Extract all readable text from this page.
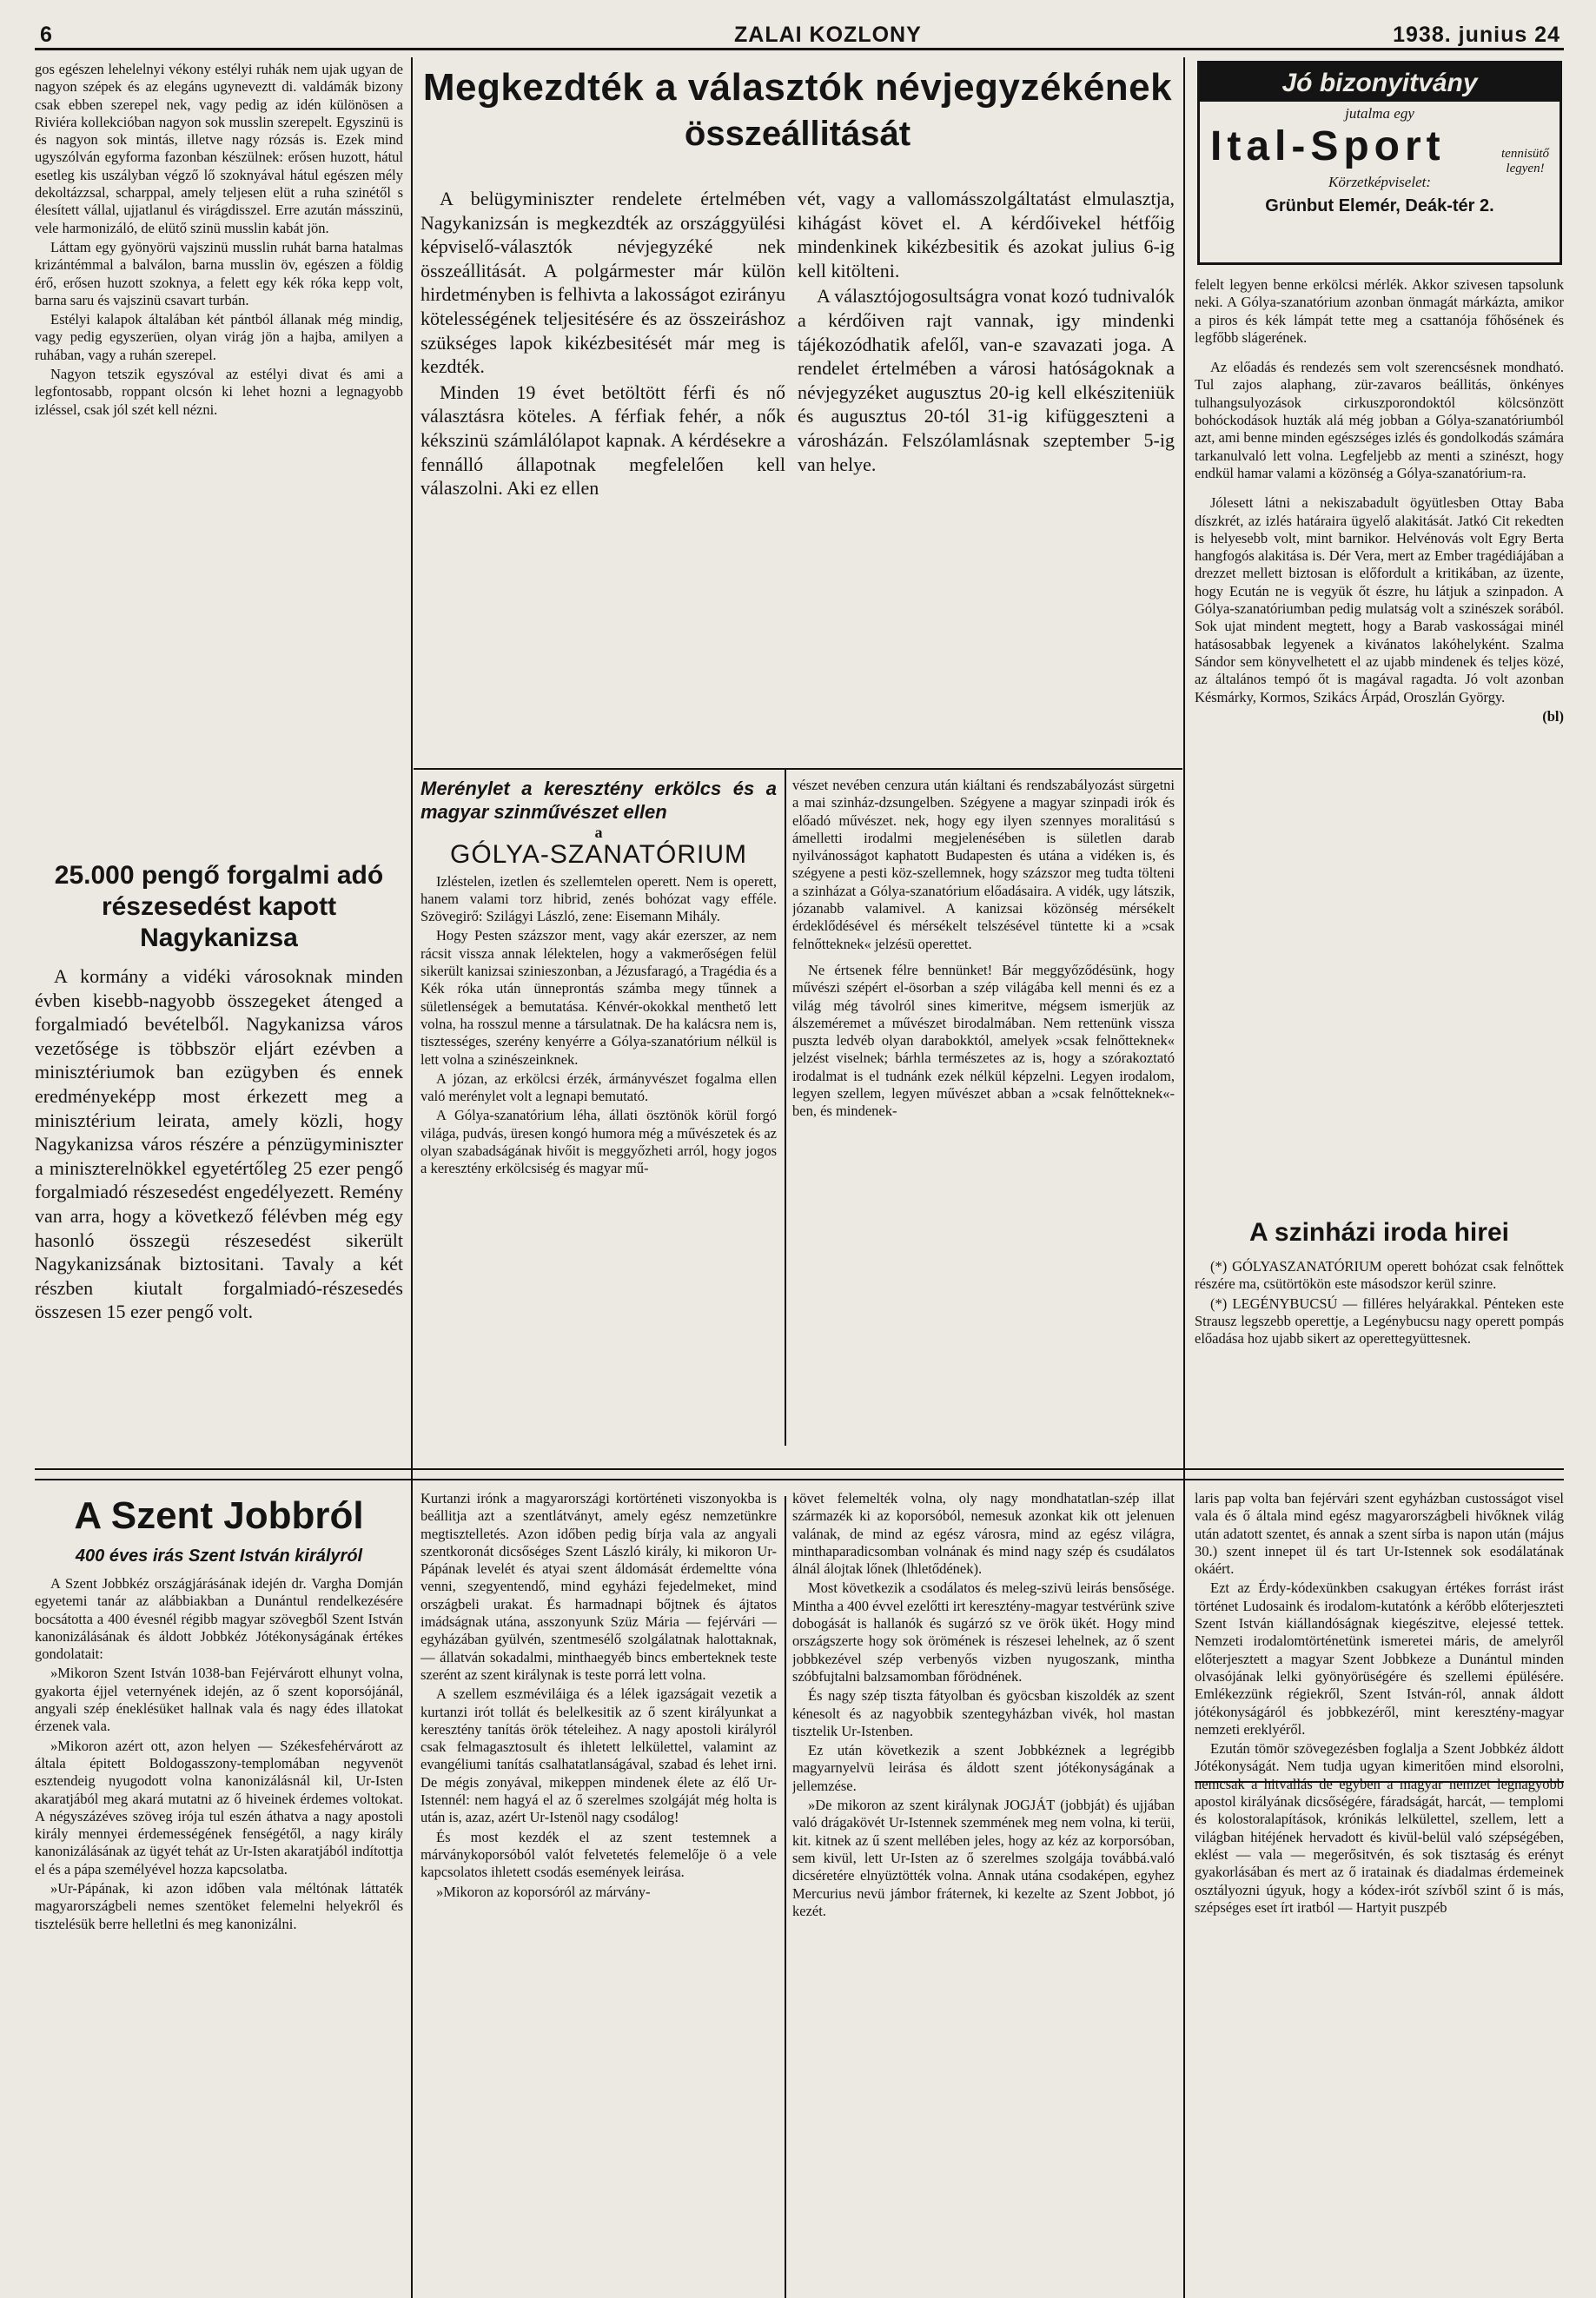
6	ZALAI KOZLONY	1938. junius 24

gos egészen lehelelnyi vékony estélyi ruhák nem ujak ugyan de nagyon szépek és az elegáns ugyneveztt di. valdámák bizony csak ebben szerepel nek, vagy pedig az idén különösen a Riviéra kollekcióban nagyon sok musslin szerepelt. Egyszinü is és nagyon sok mintás, illetve nagy rózsás is. Ezek mind ugyszólván egyforma fazonban készülnek: erősen huzott, hátul esetleg kis uszályban végző lő szoknyával hátul egészen mély dekoltázzsal, scharppal, amely teljesen elüt a ruha szinétől s élesített vállal, ujjatlanul és virágdisszel. Erre azután másszinü, vele harmonizáló, de elütő szinü musslin kabát jön.

Láttam egy gyönyörü vajszinü musslin ruhát barna hatalmas krizántémmal a balválon, barna musslin öv, egészen a földig érő, erősen huzott szoknya, a felett egy kék róka kepp volt, barna saru és vajszinü csavart turbán.

Estélyi kalapok általában két pántból állanak még mindig, vagy pedig egyszerüen, olyan virág jön a hajba, amilyen a ruhában, vagy a ruhán szerepel.

Nagyon tetszik egyszóval az estélyi divat és ami a legfontosabb, roppant olcsón ki lehet hozni a legnagyobb izléssel, csak jól szét kell nézni.

25.000 pengő forgalmi adó részesedést kapott Nagykanizsa

A kormány a vidéki városoknak minden évben kisebb-nagyobb összegeket átenged a forgalmiadó bevételből. Nagykanizsa város vezetősége is többször eljárt ezévben a minisztériumok ban ezügyben és ennek eredményeképp most érkezett meg a minisztérium leirata, amely közli, hogy Nagykanizsa város részére a pénzügyminiszter a miniszterelnökkel egyetértőleg 25 ezer pengő forgalmiadó részesedést engedélyezett. Remény van arra, hogy a következő félévben még egy hasonló összegü részesedést sikerült Nagykanizsának biztositani. Tavaly a két részben kiutalt forgalmiadó-részesedés összesen 15 ezer pengő volt.

Megkezdték a választók névjegyzékének
összeállitását

A belügyminiszter rendelete értelmében Nagykanizsán is megkezdték az országgyülési képviselő-választók névjegyzéké nek összeállitását. A polgármester már külön hirdetményben is felhivta a lakosságot ezirányu kötelességének teljesitésére és az összeiráshoz szükséges lapok kikézbesitését már meg is kezdték.

Minden 19 évet betöltött férfi és nő választásra köteles. A férfiak fehér, a nők kékszinü számlálólapot kapnak. A kérdésekre a fennálló állapotnak megfelelően kell válaszolni. Aki ez ellen

vét, vagy a vallomásszolgáltatást elmulasztja, kihágást követ el. A kérdőivekel hétfőig mindenkinek kikézbesitik és azokat julius 6-ig kell kitölteni.

A választójogosultságra vonat kozó tudnivalók a kérdőiven rajt vannak, igy mindenki tájékozódhatik afelől, van-e szavazati joga. A rendelet értelmében a városi hatóságoknak a névjegyzéket augusztus 20-ig kell elkésziteniük és augusztus 20-tól 31-ig kifüggeszteni a városházán. Felszólamlásnak szeptember 5-ig van helye.

Jó bizonyitvány
jutalma egy
Ital-Sport	tennisütő
legyen!
Körzetképviselet:
Grünbut Elemér, Deák-tér 2.

felelt legyen benne erkölcsi mérlék. Akkor szivesen tapsolunk neki. A Gólya-szanatórium azonban önmagát márkázta, amikor a piros és kék lámpát tette meg a csattanója főhősének és legfőbb slágerének.

Az előadás és rendezés sem volt szerencsésnek mondható. Tul zajos alaphang, zür-zavaros beállitás, önkényes tulhangsulyozások cirkuszporondoktól kölcsönzött bohóckodások huzták alá még jobban a Gólya-szanatóriumból azt, ami benne minden egészséges izlés és gondolkodás számára tarkanulvaló lett volna. Legfeljebb az menti a szinészt, hogy endkül hamar valami a közönség a Gólya-szanatórium-ra.

Jólesett látni a nekiszabadult ögyütlesben Ottay Baba díszkrét, az izlés határaira ügyelő alakitását. Jatkó Cit rekedten is helyesebb volt, mint barnikor. Helvénovás volt Egry Berta hangfogós alakitása is. Dér Vera, mert az Ember tragédiájában a drezzet mellett biztosan is előfordult a kritikában, az üzente, hogy Ecután ne is vegyük őt észre, hu látjuk a szinpadon. A Gólya-szanatóriumban pedig mulatság volt a szinészek sorából. Sok ujat mindent megtett, hogy a Barab vaskosságai minél hatásosabbak legyenek a kivánatos lakóhelyként. Szalma Sándor sem könyvelhetett el az ujabb mindenek és teljes közé, az általános tempó őt is magával ragadta. Jó volt azonban Késmárky, Kormos, Szikács Árpád, Oroszlán György.

(bl)
A szinházi iroda hirei

(*) GÓLYASZANATÓRIUM operett bohózat csak felnőttek részére ma, csütörtökön este másodszor kerül szinre.

(*) LEGÉNYBUCSÚ — filléres helyárakkal. Pénteken este Strausz legszebb operettje, a Legénybucsu nagy operett pompás előadása hoz ujabb sikert az operettegyüttesnek.

Merénylet a keresztény erkölcs és a magyar szinművészet ellen
a
GÓLYA-SZANATÓRIUM

Izléstelen, izetlen és szellemtelen operett. Nem is operett, hanem valami torz hibrid, zenés bohózat vagy efféle. Szövegirő: Szilágyi László, zene: Eisemann Mihály.

Hogy Pesten százszor ment, vagy akár ezerszer, az nem rácsit vissza annak lélektelen, hogy a vakmerőségen felül sikerült kanizsai szinieszonban, a Jézusfaragó, a Tragédia és a Kék róka után ünneprontás számba megy tűnnek a sületlenségek a bemutatása. Kénvér-okokkal menthető lett volna, ha rosszul menne a társulatnak. De ha kalácsra nem is, tisztességes, szerény kenyérre a Gólya-szanatórium nélkül is lett volna a szinészeinknek.

A józan, az erkölcsi érzék, ármányvészet fogalma ellen való merénylet volt a legnapi bemutató.

A Gólya-szanatórium léha, állati ösztönök körül forgó világa, pudvás, üresen kongó humora még a művészetek és az olyan szabadságának hivőit is meggyőzheti arról, hogy jogos a keresztény erkölcsiség és magyar mű-

vészet nevében cenzura után kiáltani és rendszabályozást sürgetni a mai szinház-dzsungelben. Szégyene a magyar szinpadi irók és előadó művészet. nek, hogy egy ilyen szennyes moralitású s ámelletti irodalmi megjelenésében is sületlen darab nyilvánosságot kaphatott Budapesten és utána a vidéken is, és szégyene a pesti köz-szellemnek, hogy százszor meg tudta tölteni a szinházat a Gólya-szanatórium előadásaira. A vidék, ugy látszik, józanabb valamivel. A kanizsai közönség mérsékelt érdeklődésével és mérsékelt telszésével tüntette ki a »csak felnőtteknek« jelzésü operettet.

Ne értsenek félre bennünket! Bár meggyőződésünk, hogy művészi szépért el-ösorban a szép világába kell menni és ez a világ még távolról sines kimeritve, mégsem ismerjük az álszeméremet a művészet birodalmában. Nem rettenünk vissza puszta ledvéb olyan darabokktól, amelyek »csak felnőtteknek« jelzést viselnek; bárhla természetes az is, hogy a szórakoztató irodalmat is el tudnánk ezek nélkül képzelni. Legyen irodalom, legyen szellem, legyen művészet abban a »csak felnőtteknek«-ben, és mindenek-

A Szent Jobbról
400 éves irás Szent István királyról

A Szent Jobbkéz országjárásának idején dr. Vargha Domján egyetemi tanár az alábbiakban a Dunántul rendelkezésére bocsátotta a 400 évesnél régibb magyar szövegből Szent István kanonizálásának és áldott Jobbkéz Jótékonyságának értékes gondolatait:

»Mikoron Szent István 1038-ban Fejérvárott elhunyt volna, gyakorta éjjel veternyének idején, az ő szent koporsójánál, angyali szép éneklésüket hallnak vala és nagy édes illatokat érzenek vala.

»Mikoron azért ott, azon helyen — Székesfehérvárott az általa épitett Boldogasszony-templomában negyvenöt esztendeig nyugodott volna kanonizálásnál kil, Ur-Isten akaratjából meg akará mutatni az ő hiveinek érdemes voltokat. A négyszázéves szöveg irója tul eszén áthatva a nagy apostoli király mennyei érdemességének fenségétől, a nagy király kanonizálásának az ügyét tehát az Ur-Isten akaratjából indítottja el és a pápa személyével hozza kapcsolatba.

»Ur-Pápának, ki azon időben vala méltónak láttaték magyarországbeli nemes szentöket felemelni helyekről és tisztelésük berre helletlni és meg kanonizálni.

Kurtanzi irónk a magyarországi kortörténeti viszonyokba is beállitja azt a szentlátványt, amely egész nemzetünkre megtisztelletés. Azon időben pedig bírja vala az angyali szentkoronát dicsőséges Szent László király, ki mikoron Ur-Pápának levelét és atyai szent áldomását érdemeltte vóna venni, szegyentendő, mind egyházi fejedelmeket, mind országbeli urakat. És harmadnapi bőjtnek és ájtatos imádságnak utána, asszonyunk Szüz Mária — fejérvári — egyházában gyülvén, szentmesélő szolgálatnak halottaknak, — állatván sokadalmi, minthaegyéb bincs emberteknek teste szerént az szent királynak is teste porrá lett volna.

A szellem eszméviláiga és a lélek igazságait vezetik a kurtanzi irót tollát és belelkesitik az ő szent királyunkat a keresztény tanítás örök tételeihez. A nagy apostoli királyról csak felmagasztosult és ihletett lelkülettel, valamint az evangéliumi tanítás csalhatatlanságával, szabad és lehet irni. De mégis zonyával, mikeppen mindenek élete az élő Ur-Istennél: nem hagyá el az ő szerelmes szolgáját még holta is után is, azaz, azért Ur-Istenöl nagy csodálog!

És most kezdék el az szent testemnek a márványkoporsóból valót felvetetés felemelője ö a vele kapcsolatos ihletett csodás események leirása.

»Mikoron az koporsóról az márvány-

követ felemelték volna, oly nagy mondhatatlan-szép illat származék ki az koporsóból, nemesuk azonkat kik ott jelenuen valának, de mind az egész városra, mind az egész világra, minthaparadicsomban volnának és mind nagy szép és csudálatos álnál álojtak lőnek (lhletődének).

Most következik a csodálatos és meleg-szivü leirás bensősége. Mintha a 400 évvel ezelőtti irt keresztény-magyar testvérünk szive dobogását is hallanók és sugárzó sz ve örök ükét. Hogy mind országszerte hogy sok örömének is részesei lehelnek, az ő szent jobbkezével szép verbenyős vizben nyugoszank, mintha szóbfujtalni balzsamomban főrödnének.

És nagy szép tiszta fátyolban és gyöcsban kiszoldék az szent kénesolt és az nagyobbik szentegyházban vivék, hol mastan tisztelik Ur-Istenben.

Ez után következik a szent Jobbkéznek a legrégibb magyarnyelvü leirása és áldott szent jótékonyságának a jellemzése.

»De mikoron az szent királynak JOGJÁT (jobbját) és ujjában való drágakövét Ur-Istennek szemmének meg nem volna, ki terüi, kit. kitnek az ű szent mellében jeles, hogy az kéz az korporsóban, sem kivül, lett Ur-Isten az ő szerelmes szolgája továbbá.való dicséretére elnyüztötték volna. Annak utána csodaképen, egyhez Mercurius nevü jámbor fráternek, ki kezelte az Szent Jobbot, jó kezét.

laris pap volta ban fejérvári szent egyházban custosságot visel vala és ő általa mind egész magyarországbeli hivőknek világ után adatott szentet, és annak a szent sírba is napon után (május 30.) szent innepet ül és tart Ur-Istennek sok esodálatának okáért.

Ezt az Érdy-kódexünkben csakugyan értékes forrást irást történet Ludosaink és irodalom-kutatónk a kérőbb előterjeszteti Szent István kiállandóságnak kiegészitve, elejessé tettek. Nemzeti irodalomtörténetünk ismeretei máris, de amelyről előterjesztett a magyar Szent Jobbkeze a Dunántul minden olvasójának lelki gyönyörüségére és szellemi épülésére. Emlékezzünk régiekről, Szent István-ról, annak áldott jótékonyságáról és jobbkezéről, mint keresztény-magyar nemzeti ereklyéről.

Ezután tömör szövegezésben foglalja a Szent Jobbkéz áldott Jótékonyságát. Nem tudja ugyan kimeritően mind elsorolni, nemcsak a hitvallás de egyben a magyar nemzet legnagyobb apostol királyának dicsőségére, fáradságát, harcát, — templomi és kolostoralapítások, krónikás lelkülettel, szellem, lett a világban hitéjének hervadott és kivül-belül való szépségében, eklést — vala — megerősitvén, és sok tisztaság és erényt gyakorlásában és mert az ő iratainak és diadalmas érdemeinek osztályozni úgyuk, hogy a kódex-irót szívből szint ő is más, szépséges eset írt iratból — Hartyit puszpéb
